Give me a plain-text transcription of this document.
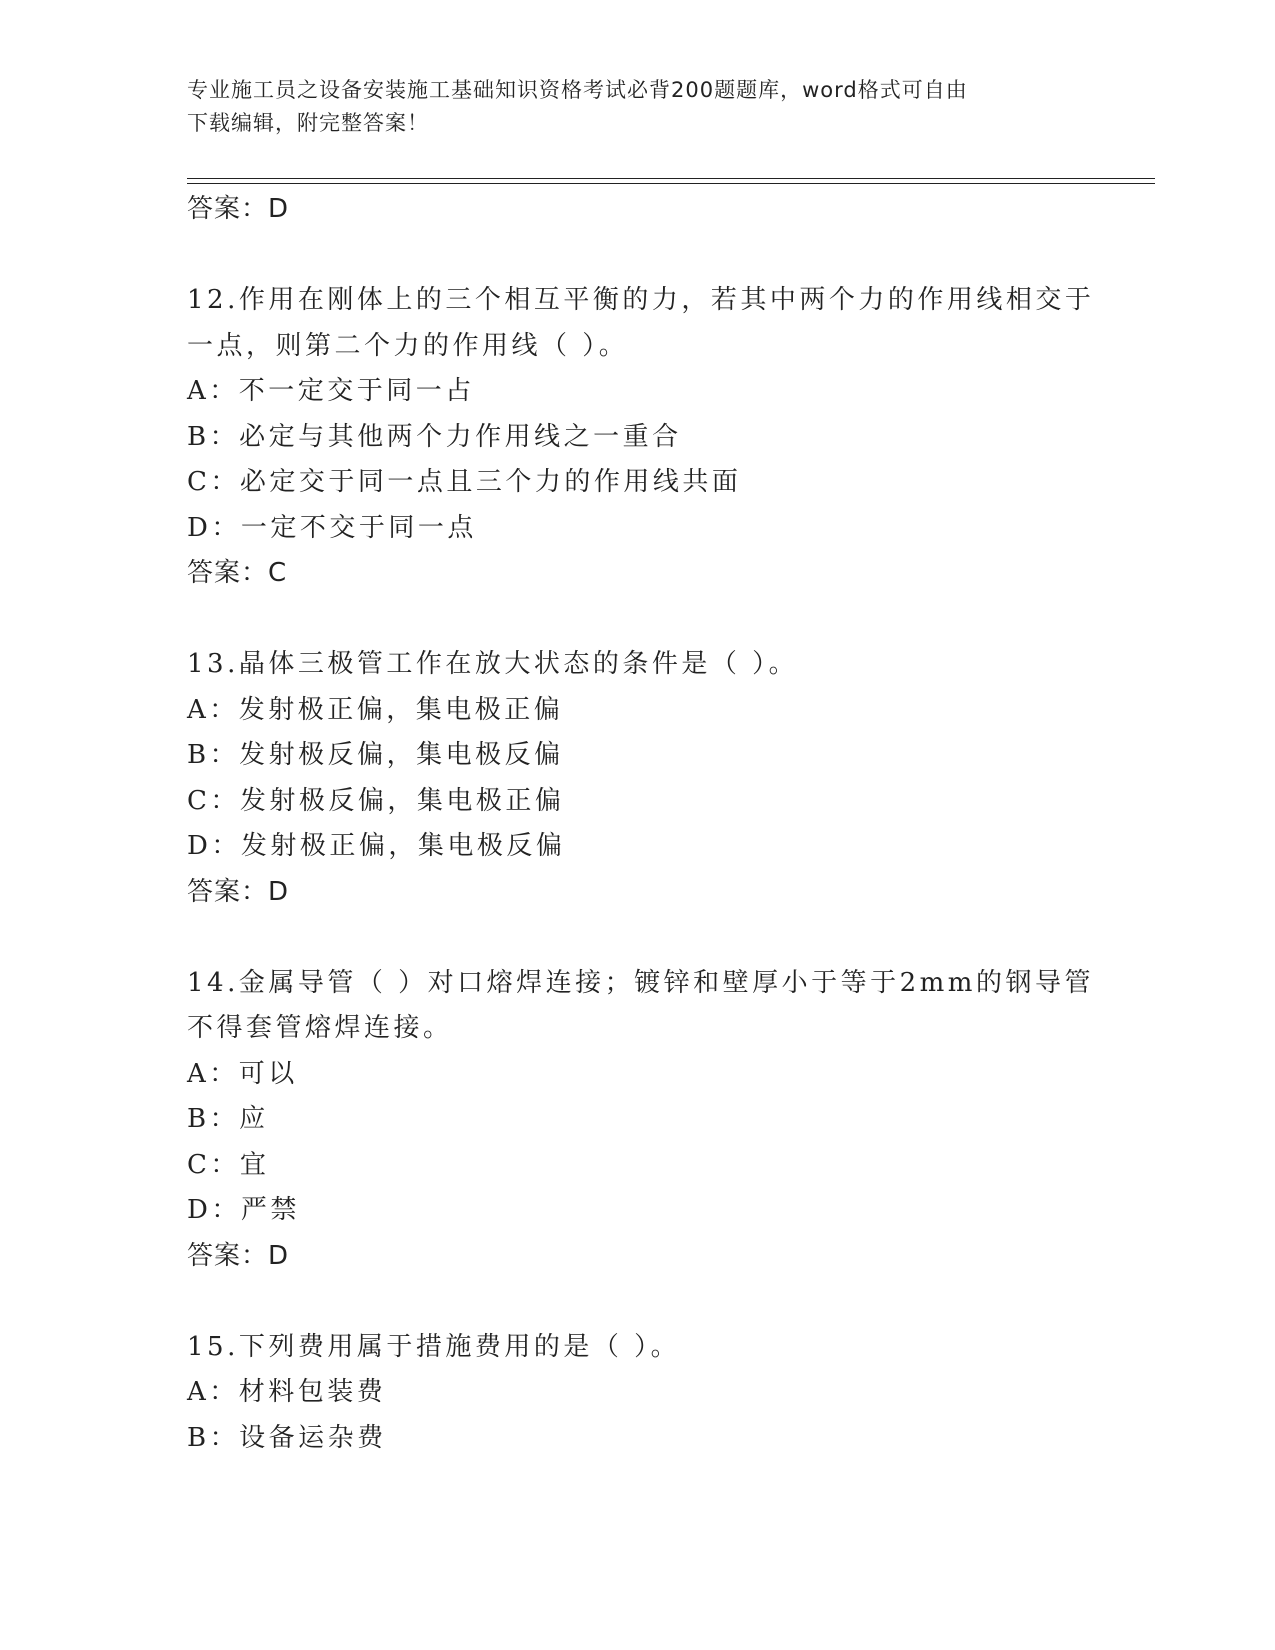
专业施工员之设备安装施工基础知识资格考试必背200题题库，word格式可自由
下载编辑，附完整答案！
答案：D
12.作用在刚体上的三个相互平衡的力，若其中两个力的作用线相交于
一点，则第二个力的作用线（ ）。
A：不一定交于同一占
B：必定与其他两个力作用线之一重合
C：必定交于同一点且三个力的作用线共面
D：一定不交于同一点
答案：C
13.晶体三极管工作在放大状态的条件是（ ）。
A：发射极正偏，集电极正偏
B：发射极反偏，集电极反偏
C：发射极反偏，集电极正偏
D：发射极正偏，集电极反偏
答案：D
14.金属导管（ ）对口熔焊连接；镀锌和壁厚小于等于2mm的钢导管
不得套管熔焊连接。
A：可以
B：应
C：宜
D：严禁
答案：D
15.下列费用属于措施费用的是（ ）。
A：材料包装费
B：设备运杂费
